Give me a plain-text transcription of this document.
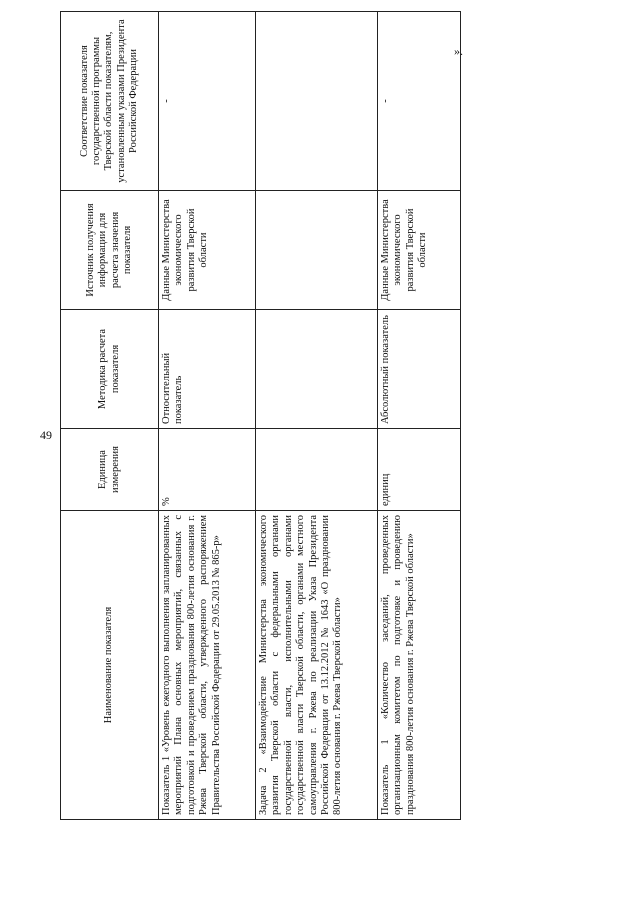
49
».
Наименование показателя	Единица измерения	Методика расчета показателя	Источник получения информации для расчета значения показателя	Соответствие показателя государственной программы Тверской области показателям, установленным указами Президента Российской Федерации
Показатель 1 «Уровень ежегодного выполнения запланированных мероприятий Плана основных мероприятий, связанных с подготовкой и проведением празднования 800-летия основания г. Ржева Тверской области, утвержденного распоряжением Правительства Российской Федерации от 29.05.2013 № 865-р»	%	Относительный показатель	Данные Министерства экономического развития Тверской области	-
Задача 2 «Взаимодействие Министерства экономического развития Тверской области с федеральными органами государственной власти, исполнительными органами государственной власти Тверской области, органами местного самоуправления г. Ржева по реализации Указа Президента Российской Федерации от 13.12.2012 № 1643 «О праздновании 800-летия основания г. Ржева Тверской области»				
Показатель 1 «Количество заседаний, проведенных организационным комитетом по подготовке и проведению празднования 800-летия основания г. Ржева Тверской области»	единиц	Абсолютный показатель	Данные Министерства экономического развития Тверской области	-
